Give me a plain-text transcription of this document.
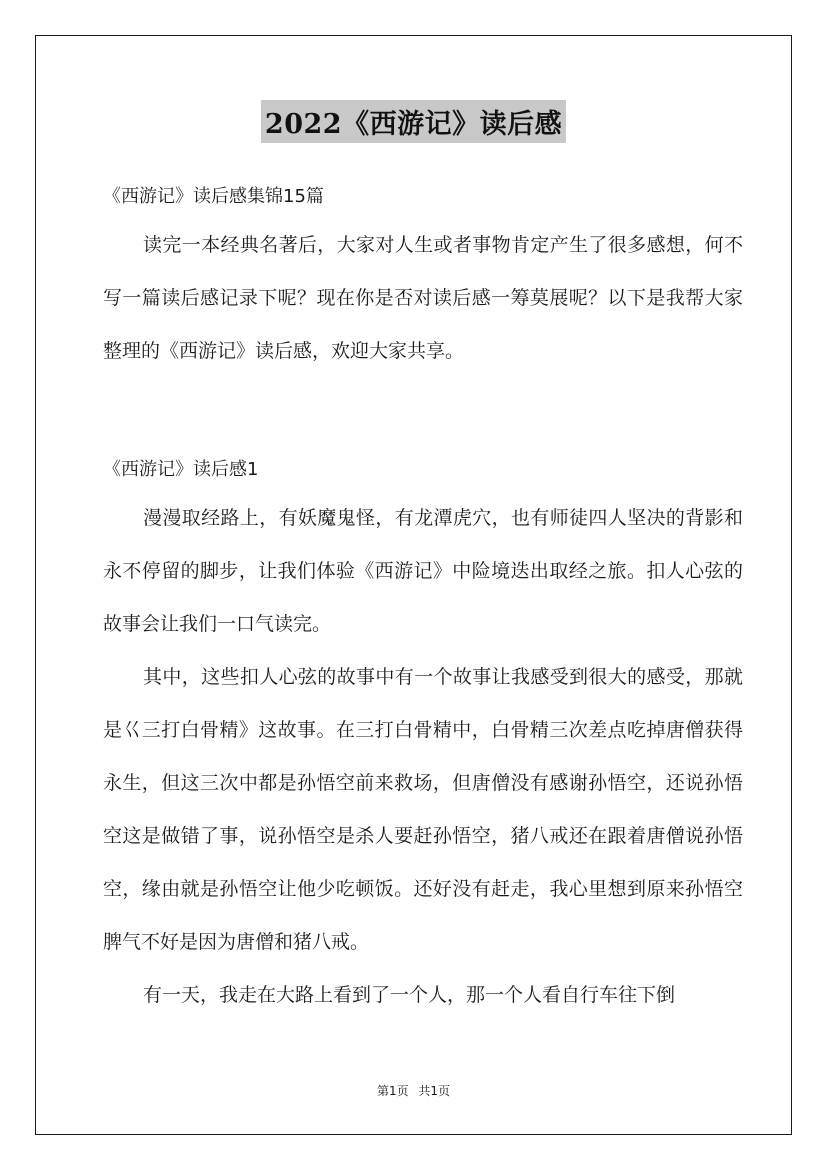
2022《西游记》读后感
《西游记》读后感集锦15篇

读完一本经典名著后，大家对人生或者事物肯定产生了很多感想，何不写一篇读后感记录下呢？现在你是否对读后感一筹莫展呢？以下是我帮大家整理的《西游记》读后感，欢迎大家共享。

《西游记》读后感1

漫漫取经路上，有妖魔鬼怪，有龙潭虎穴，也有师徒四人坚决的背影和永不停留的脚步，让我们体验《西游记》中险境迭出取经之旅。扣人心弦的故事会让我们一口气读完。

其中，这些扣人心弦的故事中有一个故事让我感受到很大的感受，那就是巜三打白骨精》这故事。在三打白骨精中，白骨精三次差点吃掉唐僧获得永生，但这三次中都是孙悟空前来救场，但唐僧没有感谢孙悟空，还说孙悟空这是做错了事，说孙悟空是杀人要赶孙悟空，猪八戒还在跟着唐僧说孙悟空，缘由就是孙悟空让他少吃顿饭。还好没有赶走，我心里想到原来孙悟空脾气不好是因为唐僧和猪八戒。

有一天，我走在大路上看到了一个人，那一个人看自行车往下倒

第1页 共1页
